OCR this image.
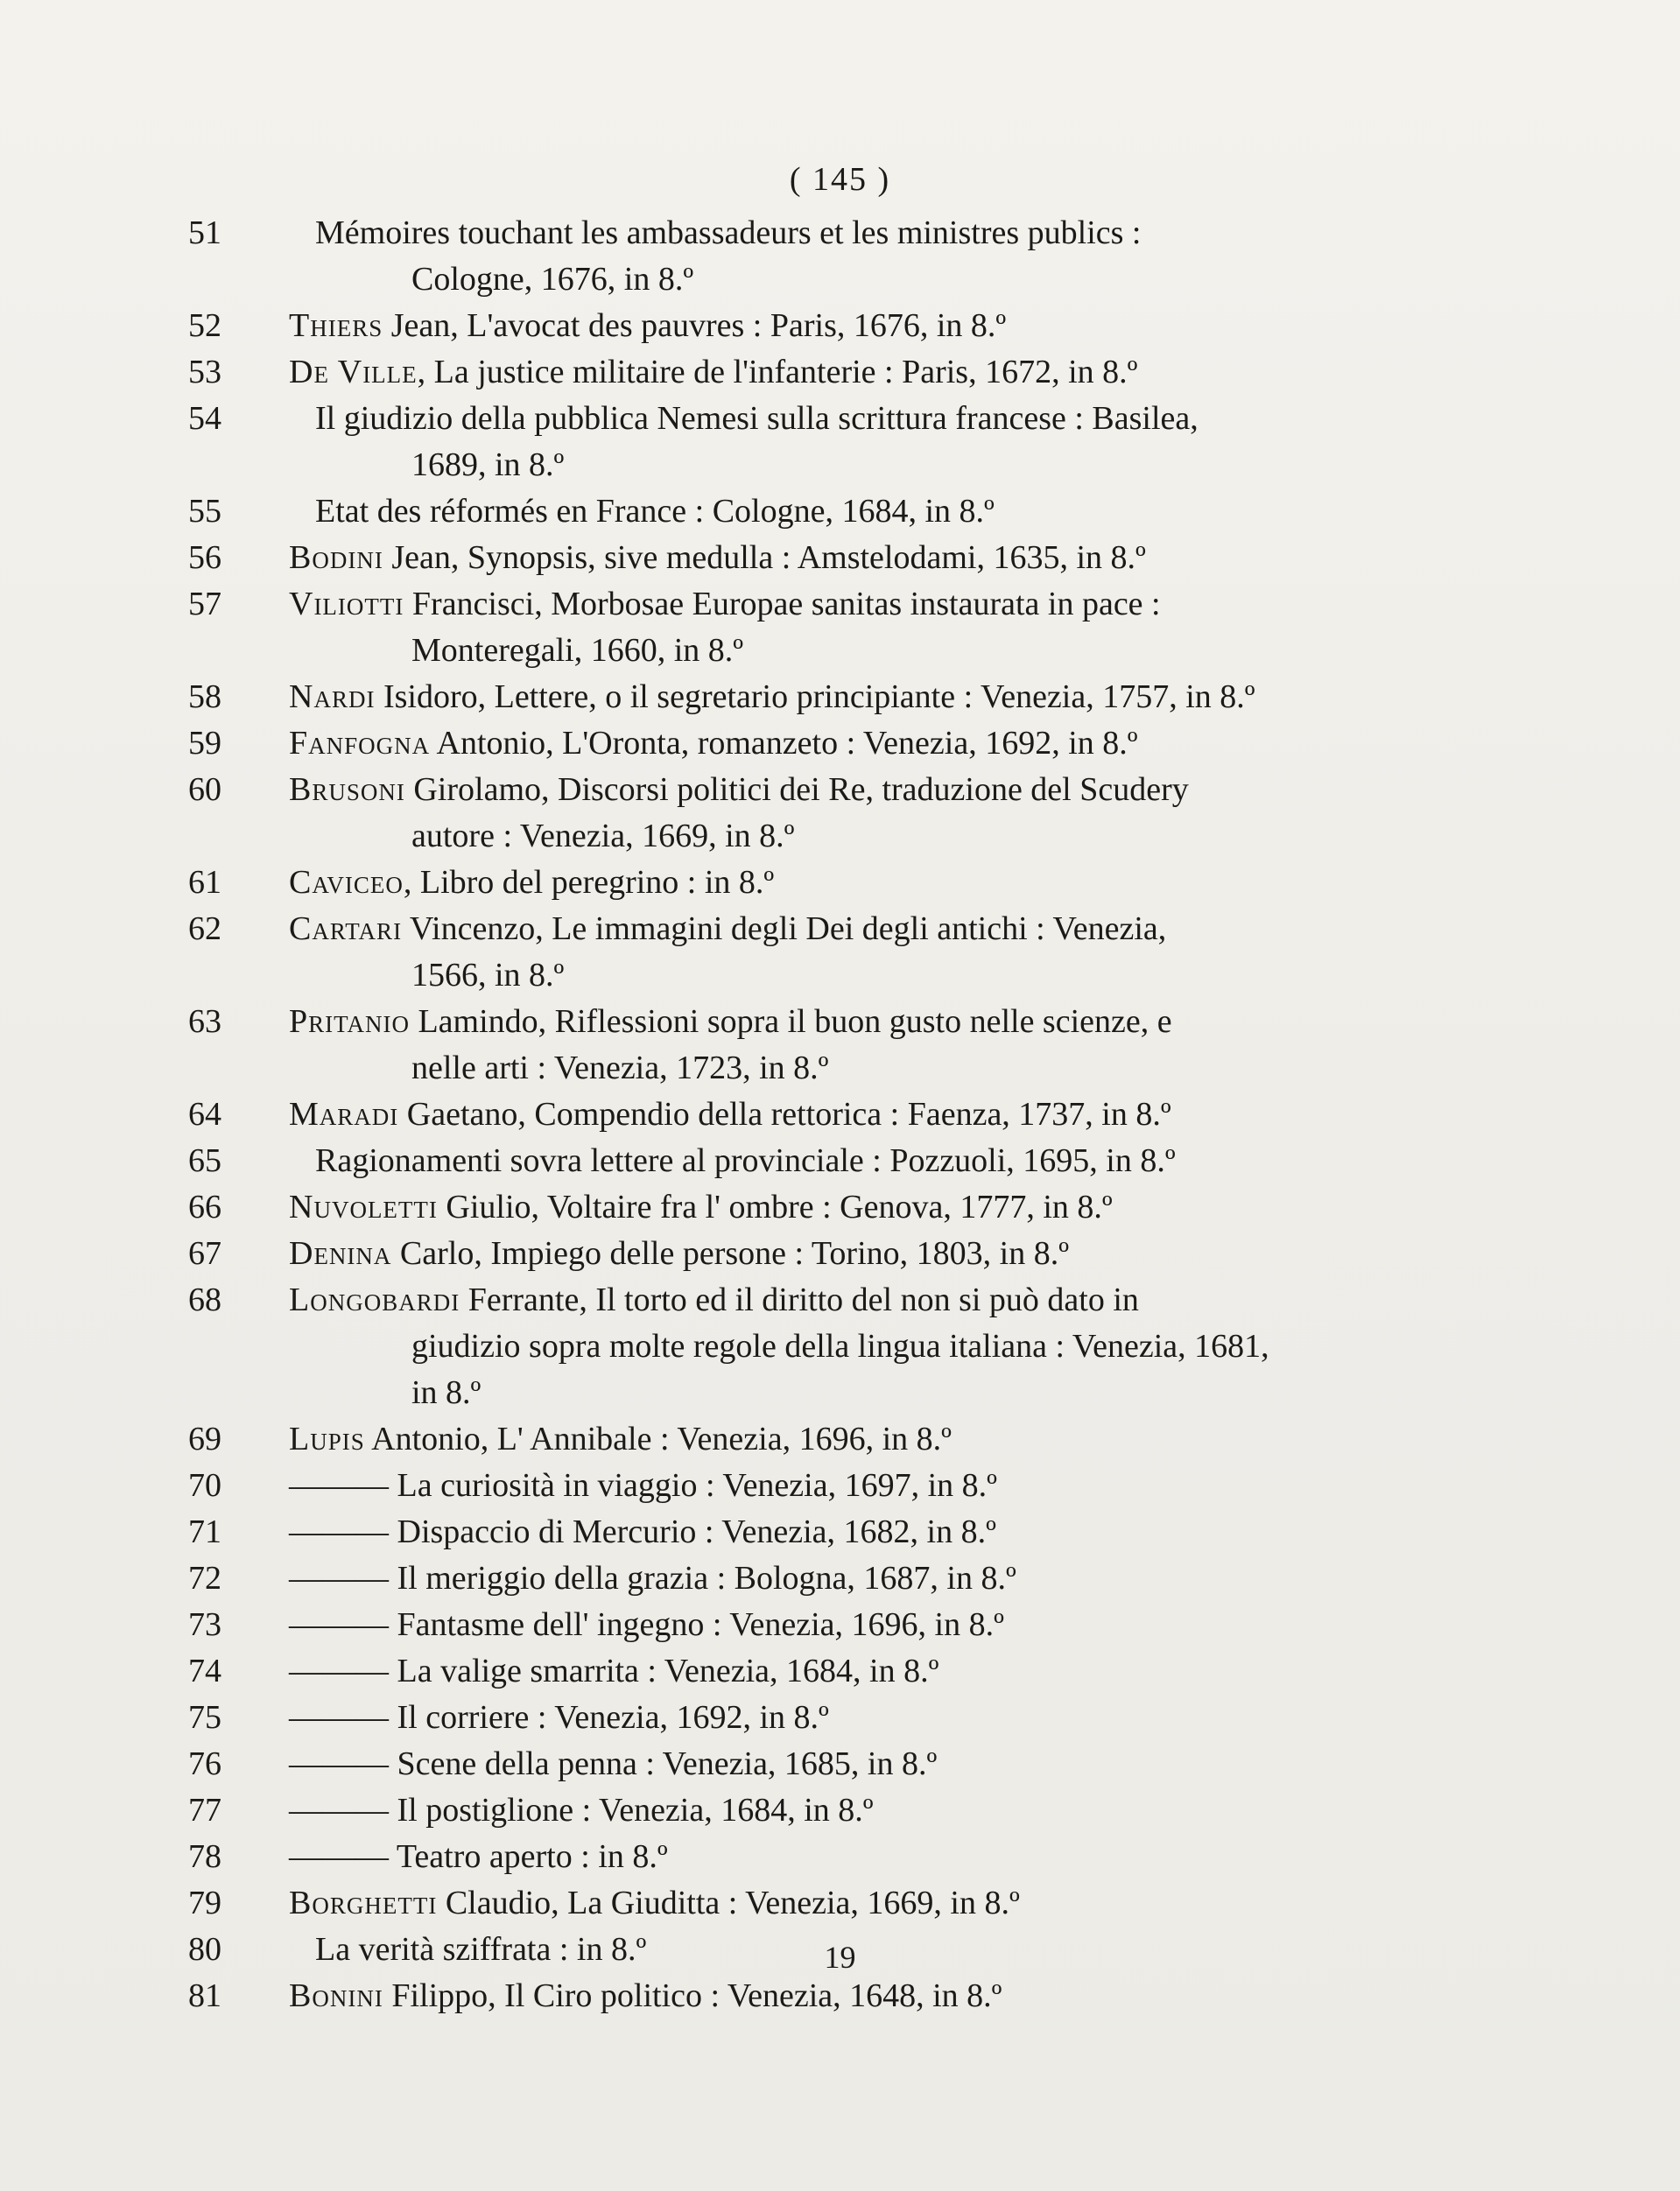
( 145 )
51	Mémoires touchant les ambassadeurs et les ministres publics :
Cologne, 1676, in 8.º
52	Thiers Jean, L'avocat des pauvres : Paris, 1676, in 8.º
53	De Ville, La justice militaire de l'infanterie : Paris, 1672, in 8.º
54	Il giudizio della pubblica Nemesi sulla scrittura francese : Basilea,
1689, in 8.º
55	Etat des réformés en France : Cologne, 1684, in 8.º
56	Bodini Jean, Synopsis, sive medulla : Amstelodami, 1635, in 8.º
57	Viliotti Francisci, Morbosae Europae sanitas instaurata in pace :
Monteregali, 1660, in 8.º
58	Nardi Isidoro, Lettere, o il segretario principiante : Venezia, 1757, in 8.º
59	Fanfogna Antonio, L'Oronta, romanzeto : Venezia, 1692, in 8.º
60	Brusoni Girolamo, Discorsi politici dei Re, traduzione del Scudery
autore : Venezia, 1669, in 8.º
61	Caviceo, Libro del peregrino : in 8.º
62	Cartari Vincenzo, Le immagini degli Dei degli antichi : Venezia,
1566, in 8.º
63	Pritanio Lamindo, Riflessioni sopra il buon gusto nelle scienze, e
nelle arti : Venezia, 1723, in 8.º
64	Maradi Gaetano, Compendio della rettorica : Faenza, 1737, in 8.º
65	Ragionamenti sovra lettere al provinciale : Pozzuoli, 1695, in 8.º
66	Nuvoletti Giulio, Voltaire fra l' ombre : Genova, 1777, in 8.º
67	Denina Carlo, Impiego delle persone : Torino, 1803, in 8.º
68	Longobardi Ferrante, Il torto ed il diritto del non si può dato in
giudizio sopra molte regole della lingua italiana : Venezia, 1681,
in 8.º
69	Lupis Antonio, L' Annibale : Venezia, 1696, in 8.º
70	——— La curiosità in viaggio : Venezia, 1697, in 8.º
71	——— Dispaccio di Mercurio : Venezia, 1682, in 8.º
72	——— Il meriggio della grazia : Bologna, 1687, in 8.º
73	——— Fantasme dell' ingegno : Venezia, 1696, in 8.º
74	——— La valige smarrita : Venezia, 1684, in 8.º
75	——— Il corriere : Venezia, 1692, in 8.º
76	——— Scene della penna : Venezia, 1685, in 8.º
77	——— Il postiglione : Venezia, 1684, in 8.º
78	——— Teatro aperto : in 8.º
79	Borghetti Claudio, La Giuditta : Venezia, 1669, in 8.º
80	La verità sziffrata : in 8.º
81	Bonini Filippo, Il Ciro politico : Venezia, 1648, in 8.º
19
